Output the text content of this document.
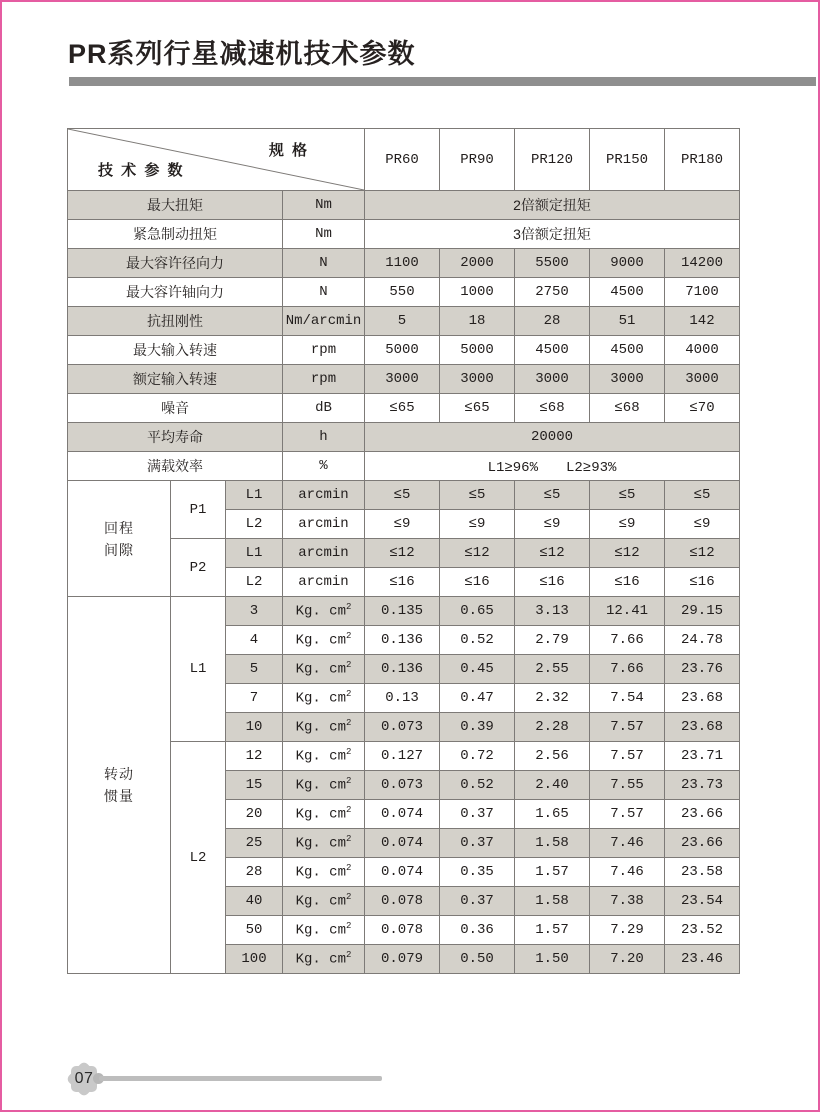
PR系列行星减速机技术参数
规 格
技 术 参 数				PR60	PR90	PR120	PR150	PR180
最大扭矩			Nm	2倍额定扭矩				
紧急制动扭矩			Nm	3倍额定扭矩				
最大容许径向力			N	1100	2000	5500	9000	14200
最大容许轴向力			N	550	1000	2750	4500	7100
抗扭刚性			Nm/arcmin	5	18	28	51	142
最大输入转速			rpm	5000	5000	4500	4500	4000
额定输入转速			rpm	3000	3000	3000	3000	3000
噪音			dB	≤65	≤65	≤68	≤68	≤70
平均寿命			h	20000				
满载效率			%	L1≥96%　　L2≥93%				

回程
间隙	P1	L1	arcmin	≤5	≤5	≤5	≤5	≤5
		L2	arcmin	≤9	≤9	≤9	≤9	≤9
	P2	L1	arcmin	≤12	≤12	≤12	≤12	≤12
		L2	arcmin	≤16	≤16	≤16	≤16	≤16

转动
惯量	L1	3	Kg. $cm^2$	0.135	0.65	3.13	12.41	29.15
		4	Kg. $cm^2$	0.136	0.52	2.79	7.66	24.78
		5	Kg. $cm^2$	0.136	0.45	2.55	7.66	23.76
		7	Kg. $cm^2$	0.13	0.47	2.32	7.54	23.68
		10	Kg. $cm^2$	0.073	0.39	2.28	7.57	23.68
	L2	12	Kg. $cm^2$	0.127	0.72	2.56	7.57	23.71
		15	Kg. $cm^2$	0.073	0.52	2.40	7.55	23.73
		20	Kg. $cm^2$	0.074	0.37	1.65	7.57	23.66
		25	Kg. $cm^2$	0.074	0.37	1.58	7.46	23.66
		28	Kg. $cm^2$	0.074	0.35	1.57	7.46	23.58
		40	Kg. $cm^2$	0.078	0.37	1.58	7.38	23.54
		50	Kg. $cm^2$	0.078	0.36	1.57	7.29	23.52
		100	Kg. $cm^2$	0.079	0.50	1.50	7.20	23.46
07
